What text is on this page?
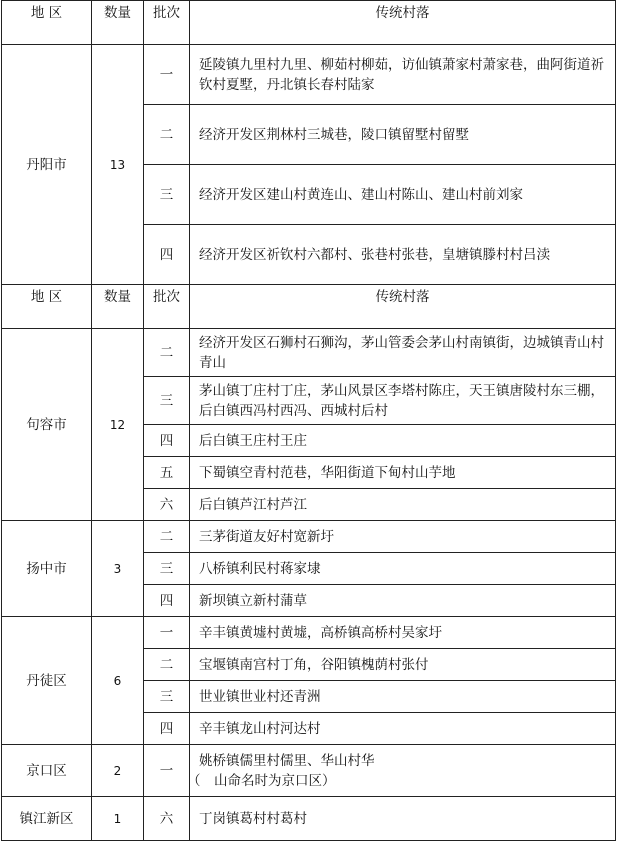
地 区	数量	批次	传统村落
丹阳市	13	一	延陵镇九里村九里、柳茹村柳茹，访仙镇萧家村萧家巷，曲阿街道祈钦村夏墅，丹北镇长春村陆家
		二	经济开发区荆林村三城巷，陵口镇留墅村留墅
		三	经济开发区建山村黄连山、建山村陈山、建山村前刘家
		四	经济开发区祈钦村六都村、张巷村张巷，皇塘镇滕村村吕渎
地 区	数量	批次	传统村落
句容市	12	二	经济开发区石狮村石狮沟，茅山管委会茅山村南镇街，边城镇青山村青山
		三	茅山镇丁庄村丁庄，茅山风景区李塔村陈庄，天王镇唐陵村东三棚，后白镇西冯村西冯、西城村后村
		四	后白镇王庄村王庄
		五	下蜀镇空青村范巷，华阳街道下甸村山芋地
		六	后白镇芦江村芦江
扬中市	3	二	三茅街道友好村宽新圩
		三	八桥镇利民村蒋家埭
		四	新坝镇立新村蒲草
丹徒区	6	一	辛丰镇黄墟村黄墟，高桥镇高桥村吴家圩
		二	宝堰镇南宫村丁角，谷阳镇槐荫村张付
		三	世业镇世业村还青洲
		四	辛丰镇龙山村河达村
京口区	2	一	姚桥镇儒里村儒里、华山村华
（　山命名时为京口区）

镇江新区	1	六	丁岗镇葛村村葛村
